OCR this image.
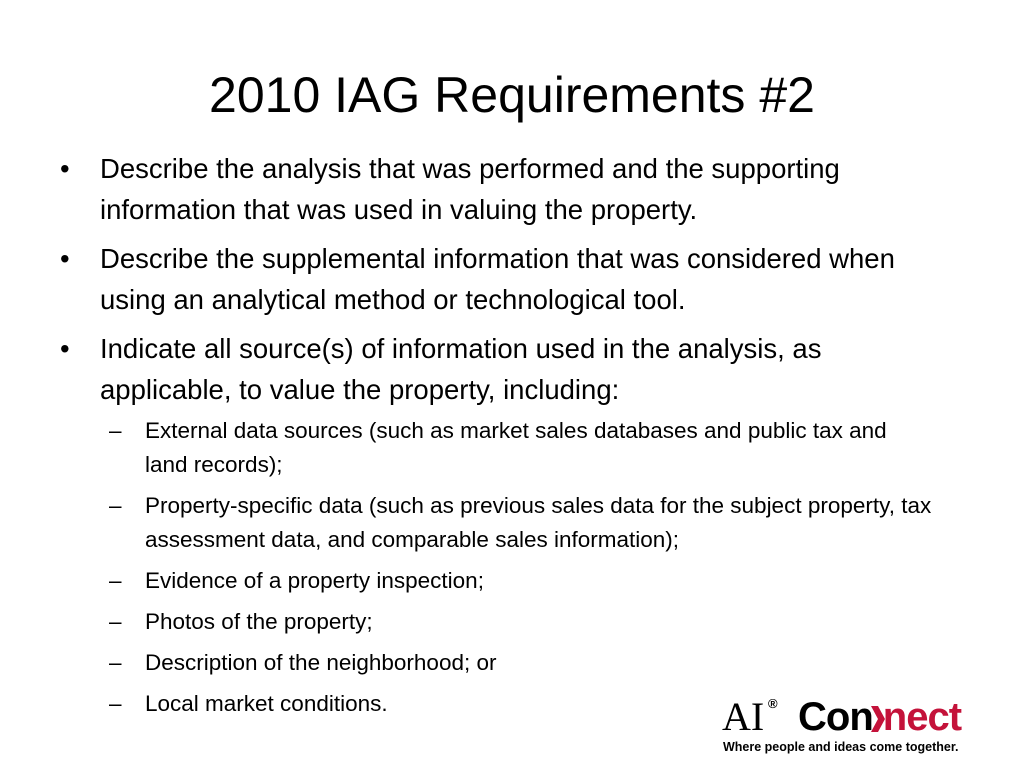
2010 IAG Requirements #2
• Describe the analysis that was performed and the supporting information that was used in valuing the property.
• Describe the supplemental information that was considered when using an analytical method or technological tool.
• Indicate all source(s) of information used in the analysis, as applicable, to value the property, including:
– External data sources (such as market sales databases and public tax and land records);
– Property-specific data (such as previous sales data for the subject property, tax assessment data, and comparable sales information);
– Evidence of a property inspection;
– Photos of the property;
– Description of the neighborhood; or
– Local market conditions.	AI ® Con nect
Where people and ideas come together.
